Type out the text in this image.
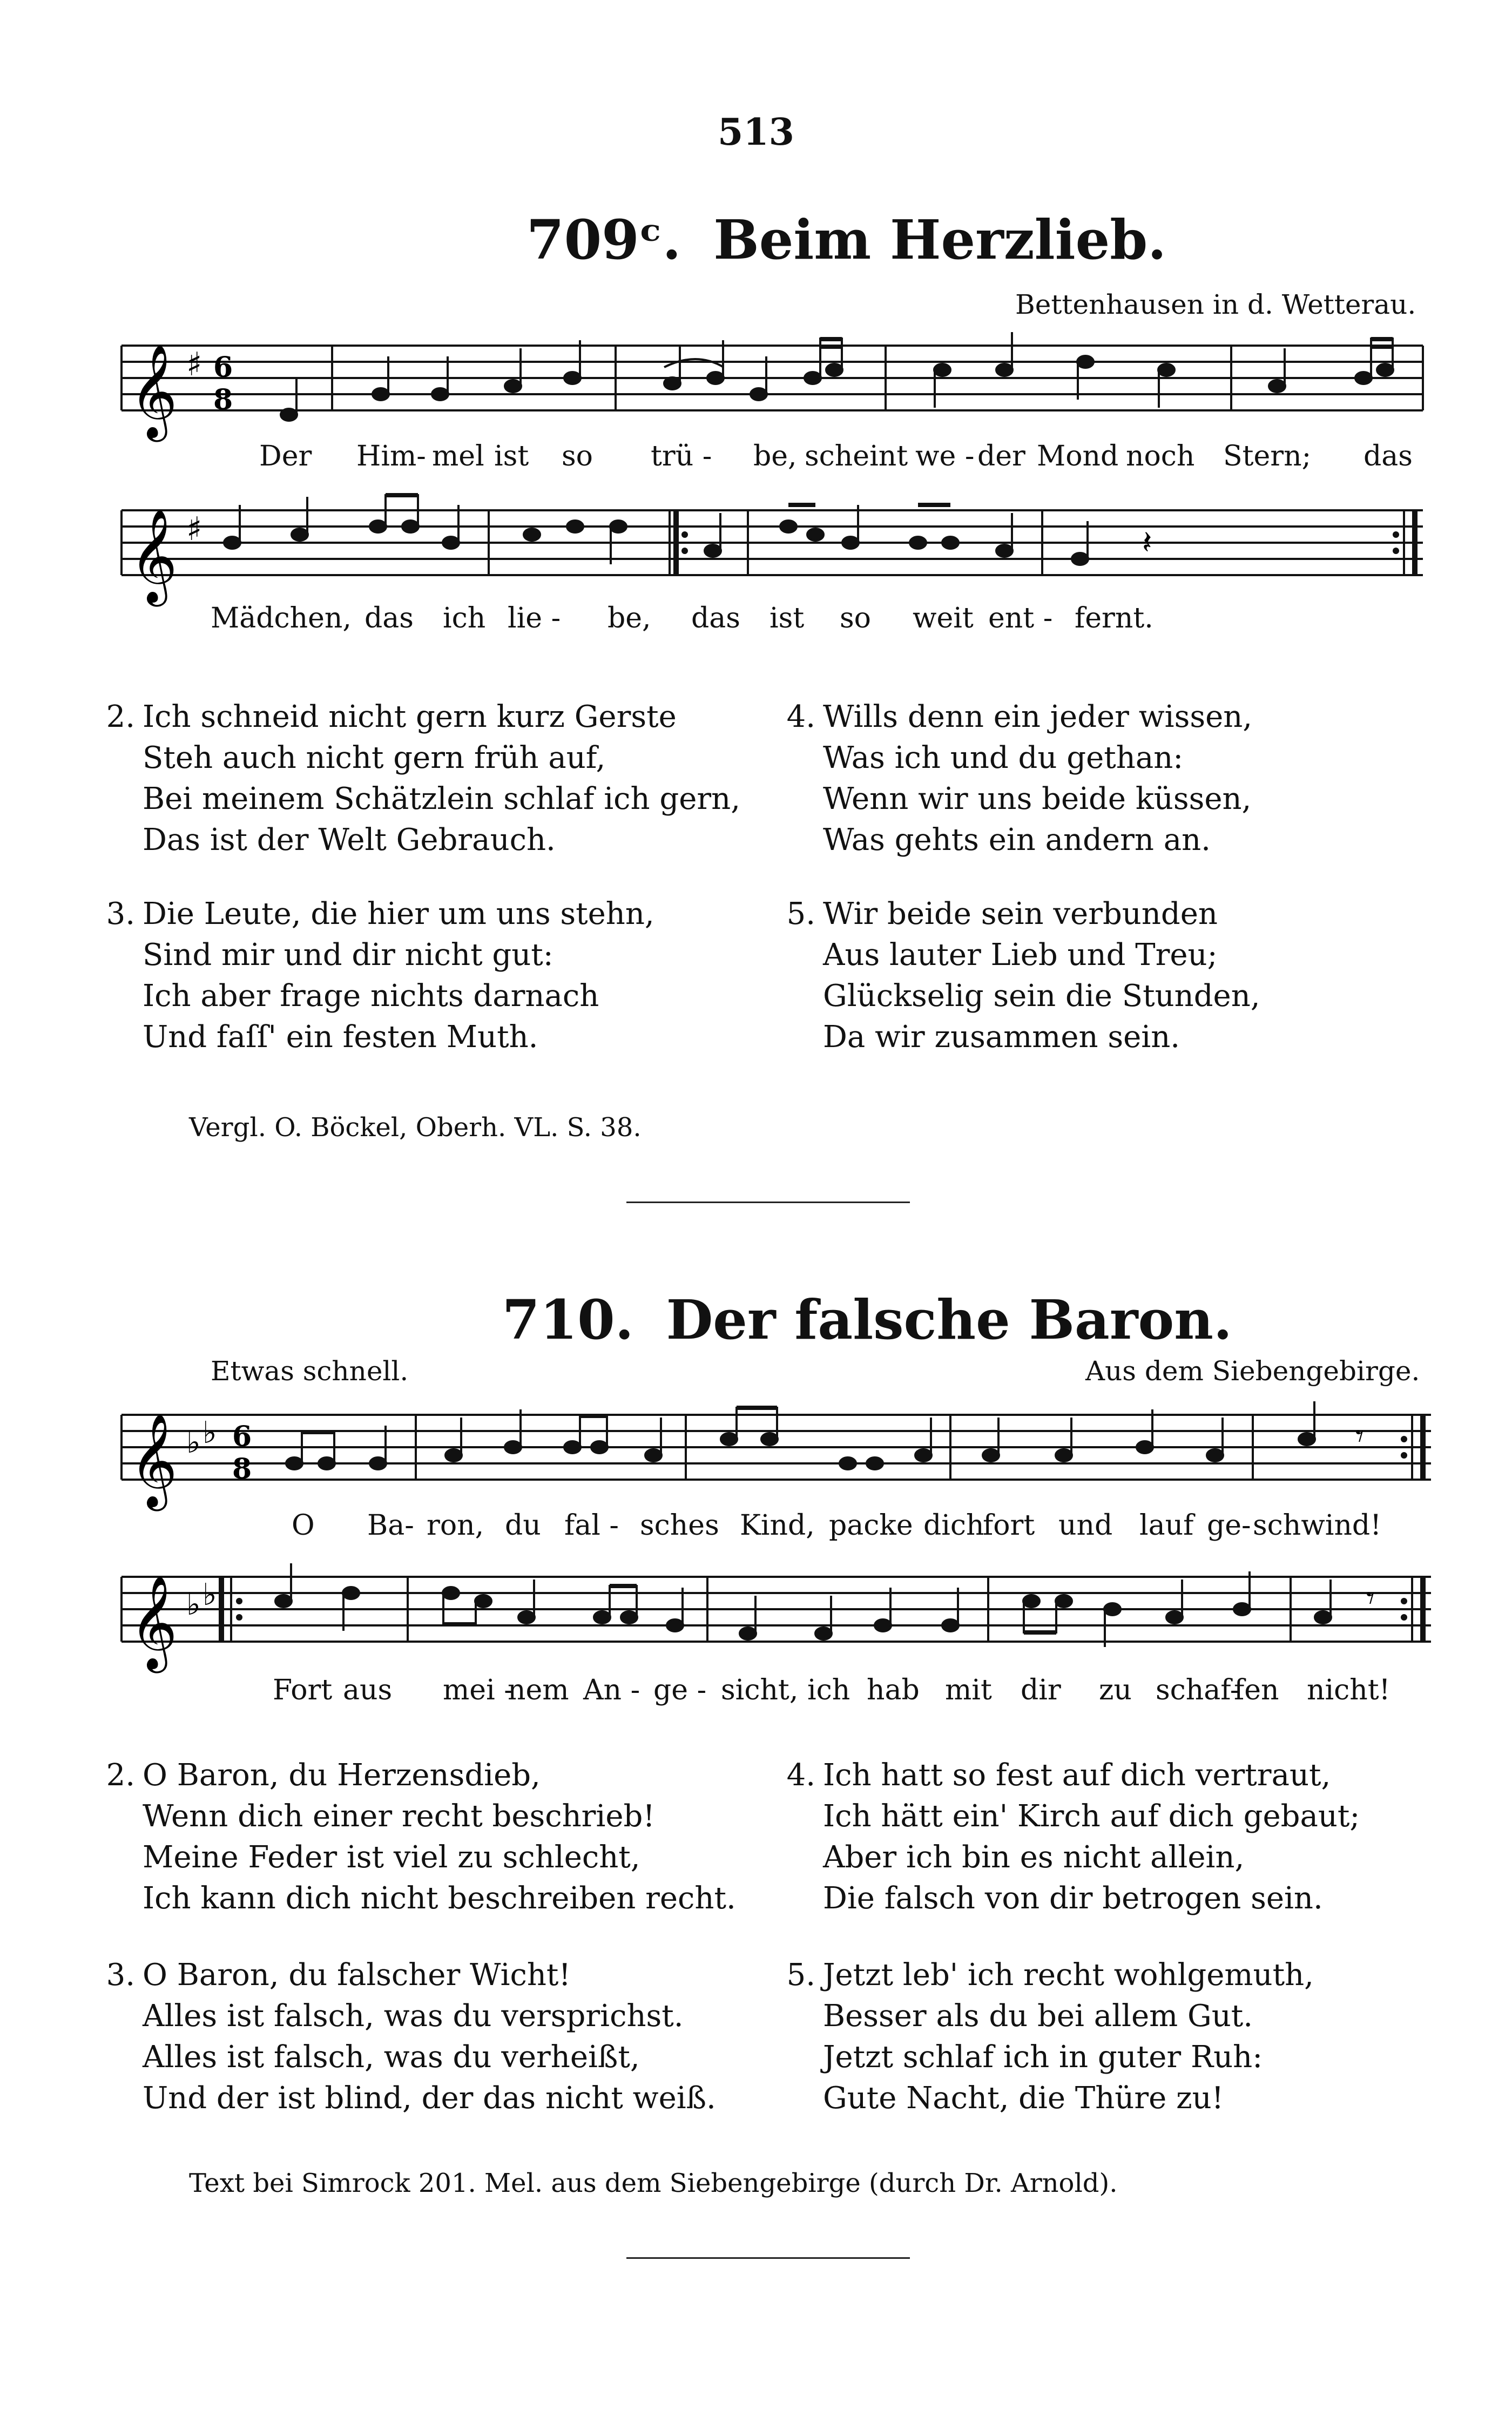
513
709ᶜ. Beim Herzlieb.
Bettenhausen in d. Wetterau.
𝄞 ♯ 6
8
Der Him- mel ist so trü - be, scheint we - der Mond noch Stern; das
𝄞 ♯	𝄽
Mädchen, das ich lie - be, das ist so weit ent - fernt.
2. Ich schneid nicht gern kurz Gerste
Steh auch nicht gern früh auf,
Bei meinem Schätzlein schlaf ich gern,
Das ist der Welt Gebrauch.
3. Die Leute, die hier um uns stehn,
Sind mir und dir nicht gut:
Ich aber frage nichts darnach
Und faſſ' ein festen Muth.
4. Wills denn ein jeder wissen,
Was ich und du gethan:
Wenn wir uns beide küssen,
Was gehts ein andern an.
5. Wir beide sein verbunden
Aus lauter Lieb und Treu;
Glückselig sein die Stunden,
Da wir zusammen sein.
Vergl. O. Böckel, Oberh. VL. S. 38.
710. Der falsche Baron.
Etwas schnell.	Aus dem Siebengebirge.
𝄞 ♭ ♭ 6
8
𝄾
O Ba- ron, du fal - sches Kind, packe dich
fort und lauf ge- schwind!
𝄞 ♭ ♭	𝄾
Fort aus mei -
nem An - ge - sicht, ich hab mit dir zu schaf-
fen nicht!
2. O Baron, du Herzensdieb,
Wenn dich einer recht beschrieb!
Meine Feder ist viel zu schlecht,
Ich kann dich nicht beschreiben recht.
3. O Baron, du falscher Wicht!
Alles ist falsch, was du versprichst.
Alles ist falsch, was du verheißt,
Und der ist blind, der das nicht weiß.
4. Ich hatt so fest auf dich vertraut,
Ich hätt ein' Kirch auf dich gebaut;
Aber ich bin es nicht allein,
Die falsch von dir betrogen sein.
5. Jetzt leb' ich recht wohlgemuth,
Besser als du bei allem Gut.
Jetzt schlaf ich in guter Ruh:
Gute Nacht, die Thüre zu!
Text bei Simrock 201. Mel. aus dem Siebengebirge (durch Dr. Arnold).
